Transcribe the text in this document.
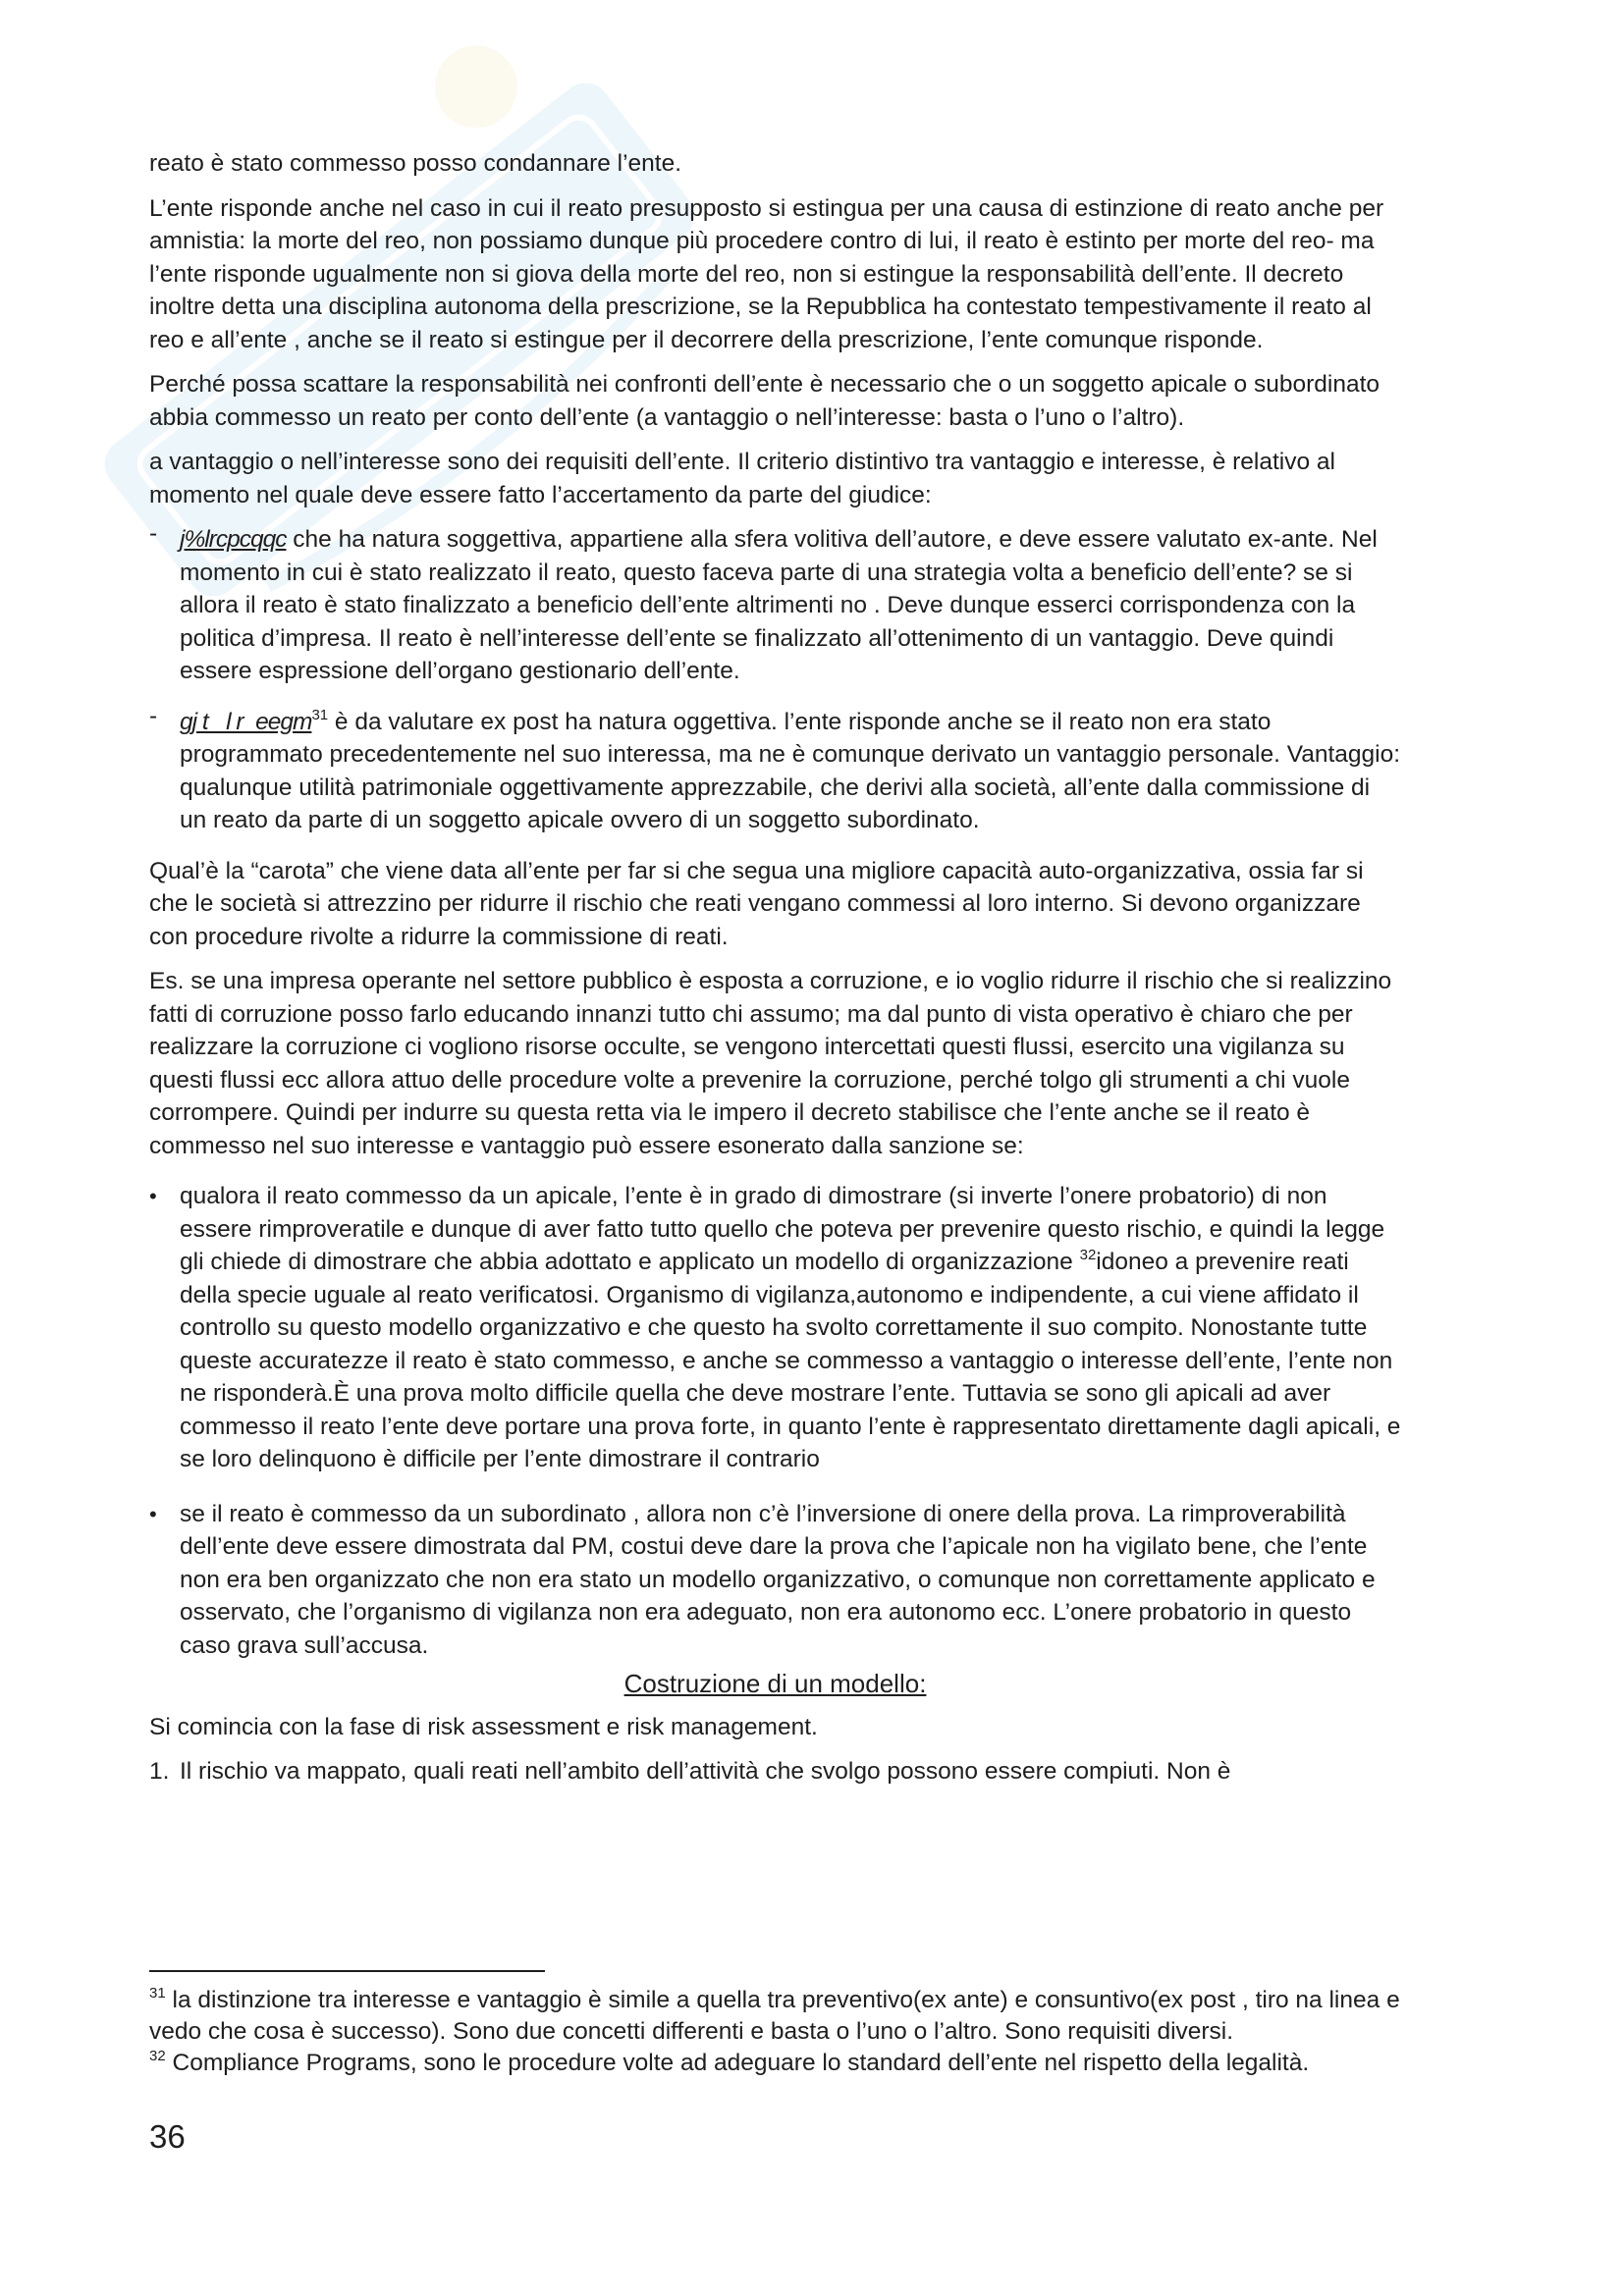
reato è stato commesso posso condannare l’ente.

L’ente risponde anche nel caso in cui il reato presupposto si estingua per una causa di estinzione di reato anche per amnistia: la morte del reo, non possiamo dunque più procedere contro di lui, il reato è estinto per morte del reo- ma l’ente risponde ugualmente non si giova della morte del reo, non si estingue la responsabilità dell’ente. Il decreto inoltre detta una disciplina autonoma della prescrizione, se la Repubblica ha contestato tempestivamente il reato al reo e all’ente , anche se il reato si estingue per il decorrere della prescrizione, l’ente comunque risponde.

Perché possa scattare la responsabilità nei confronti dell’ente è necessario che o un soggetto apicale o subordinato abbia commesso un reato per conto dell’ente (a vantaggio o nell’interesse: basta o l’uno o l’altro).

a vantaggio o nell’interesse sono dei requisiti dell’ente. Il criterio distintivo tra vantaggio e interesse, è relativo al momento nel quale deve essere fatto l’accertamento da parte del giudice:

- j%lrcpcqqc che ha natura soggettiva, appartiene alla sfera volitiva dell’autore, e deve essere valutato ex-ante. Nel momento in cui è stato realizzato il reato, questo faceva parte di una strategia volta a beneficio dell’ente? se si allora il reato è stato finalizzato a beneficio dell’ente altrimenti no . Deve dunque esserci corrispondenza con la politica d’impresa. Il reato è nell’interesse dell’ente se finalizzato all’ottenimento di un vantaggio. Deve quindi essere espressione dell’organo gestionario dell’ente.
- gj t _l r_eegm$^{31}$ è da valutare ex post ha natura oggettiva. l’ente risponde anche se il reato non era stato programmato precedentemente nel suo interessa, ma ne è comunque derivato un vantaggio personale. Vantaggio: qualunque utilità patrimoniale oggettivamente apprezzabile, che derivi alla società, all’ente dalla commissione di un reato da parte di un soggetto apicale ovvero di un soggetto subordinato.

Qual’è la “carota” che viene data all’ente per far si che segua una migliore capacità auto-organizzativa, ossia far si che le società si attrezzino per ridurre il rischio che reati vengano commessi al loro interno. Si devono organizzare con procedure rivolte a ridurre la commissione di reati.

Es. se una impresa operante nel settore pubblico è esposta a corruzione, e io voglio ridurre il rischio che si realizzino fatti di corruzione posso farlo educando innanzi tutto chi assumo; ma dal punto di vista operativo è chiaro che per realizzare la corruzione ci vogliono risorse occulte, se vengono intercettati questi flussi, esercito una vigilanza su questi flussi ecc allora attuo delle procedure volte a prevenire la corruzione, perché tolgo gli strumenti a chi vuole corrompere. Quindi per indurre su questa retta via le impero il decreto stabilisce che l’ente anche se il reato è commesso nel suo interesse e vantaggio può essere esonerato dalla sanzione se:

• qualora il reato commesso da un apicale, l’ente è in grado di dimostrare (si inverte l’onere probatorio) di non essere rimproveratile e dunque di aver fatto tutto quello che poteva per prevenire questo rischio, e quindi la legge gli chiede di dimostrare che abbia adottato e applicato un modello di organizzazione $^{32}$idoneo a prevenire reati della specie uguale al reato verificatosi. Organismo di vigilanza,autonomo e indipendente, a cui viene affidato il controllo su questo modello organizzativo e che questo ha svolto correttamente il suo compito. Nonostante tutte queste accuratezze il reato è stato commesso, e anche se commesso a vantaggio o interesse dell’ente, l’ente non ne risponderà.È una prova molto difficile quella che deve mostrare l’ente. Tuttavia se sono gli apicali ad aver commesso il reato l’ente deve portare una prova forte, in quanto l’ente è rappresentato direttamente dagli apicali, e se loro delinquono è difficile per l’ente dimostrare il contrario
• se il reato è commesso da un subordinato , allora non c’è l’inversione di onere della prova. La rimproverabilità dell’ente deve essere dimostrata dal PM, costui deve dare la prova che l’apicale non ha vigilato bene, che l’ente non era ben organizzato che non era stato un modello organizzativo, o comunque non correttamente applicato e osservato, che l’organismo di vigilanza non era adeguato, non era autonomo ecc. L’onere probatorio in questo caso grava sull’accusa.
Costruzione di un modello:

Si comincia con la fase di risk assessment e risk management.

1. Il rischio va mappato, quali reati nell’ambito dell’attività che svolgo possono essere compiuti. Non è

$^{31}$ la distinzione tra interesse e vantaggio è simile a quella tra preventivo(ex ante) e consuntivo(ex post , tiro na linea e vedo che cosa è successo). Sono due concetti differenti e basta o l’uno o l’altro. Sono requisiti diversi.

$^{32}$ Compliance Programs, sono le procedure volte ad adeguare lo standard dell’ente nel rispetto della legalità.

36
